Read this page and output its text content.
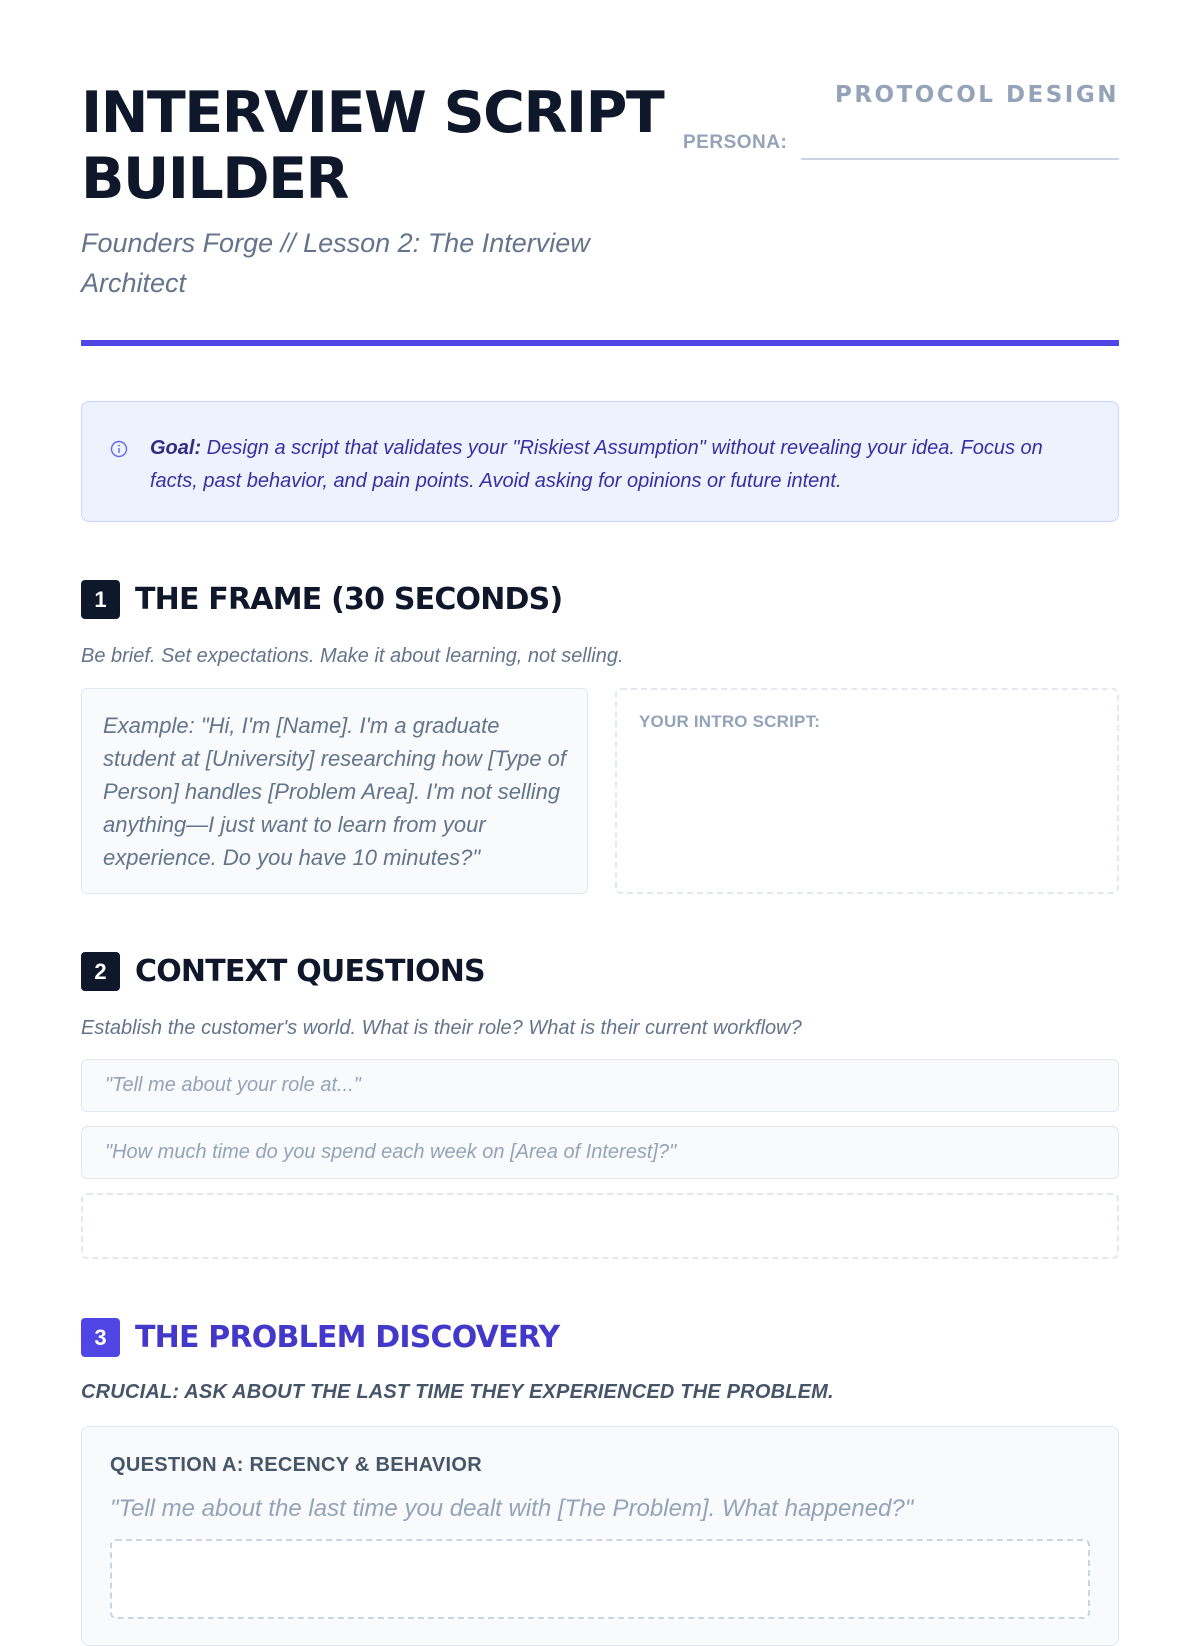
INTERVIEW SCRIPT BUILDER
Founders Forge // Lesson 2: The Interview Architect
PROTOCOL DESIGN
PERSONA:

Goal: Design a script that validates your "Riskiest Assumption" without revealing your idea. Focus on facts, past behavior, and pain points. Avoid asking for opinions or future intent.

1 THE FRAME (30 SECONDS)
Be brief. Set expectations. Make it about learning, not selling.
Example: "Hi, I'm [Name]. I'm a graduate student at [University] researching how [Type of Person] handles [Problem Area]. I'm not selling anything—I just want to learn from your experience. Do you have 10 minutes?"
YOUR INTRO SCRIPT:
2 CONTEXT QUESTIONS
Establish the customer's world. What is their role? What is their current workflow?
"Tell me about your role at..."
"How much time do you spend each week on [Area of Interest]?"
3 THE PROBLEM DISCOVERY
CRUCIAL: ASK ABOUT THE LAST TIME THEY EXPERIENCED THE PROBLEM.
QUESTION A: RECENCY & BEHAVIOR
"Tell me about the last time you dealt with [The Problem]. What happened?"
